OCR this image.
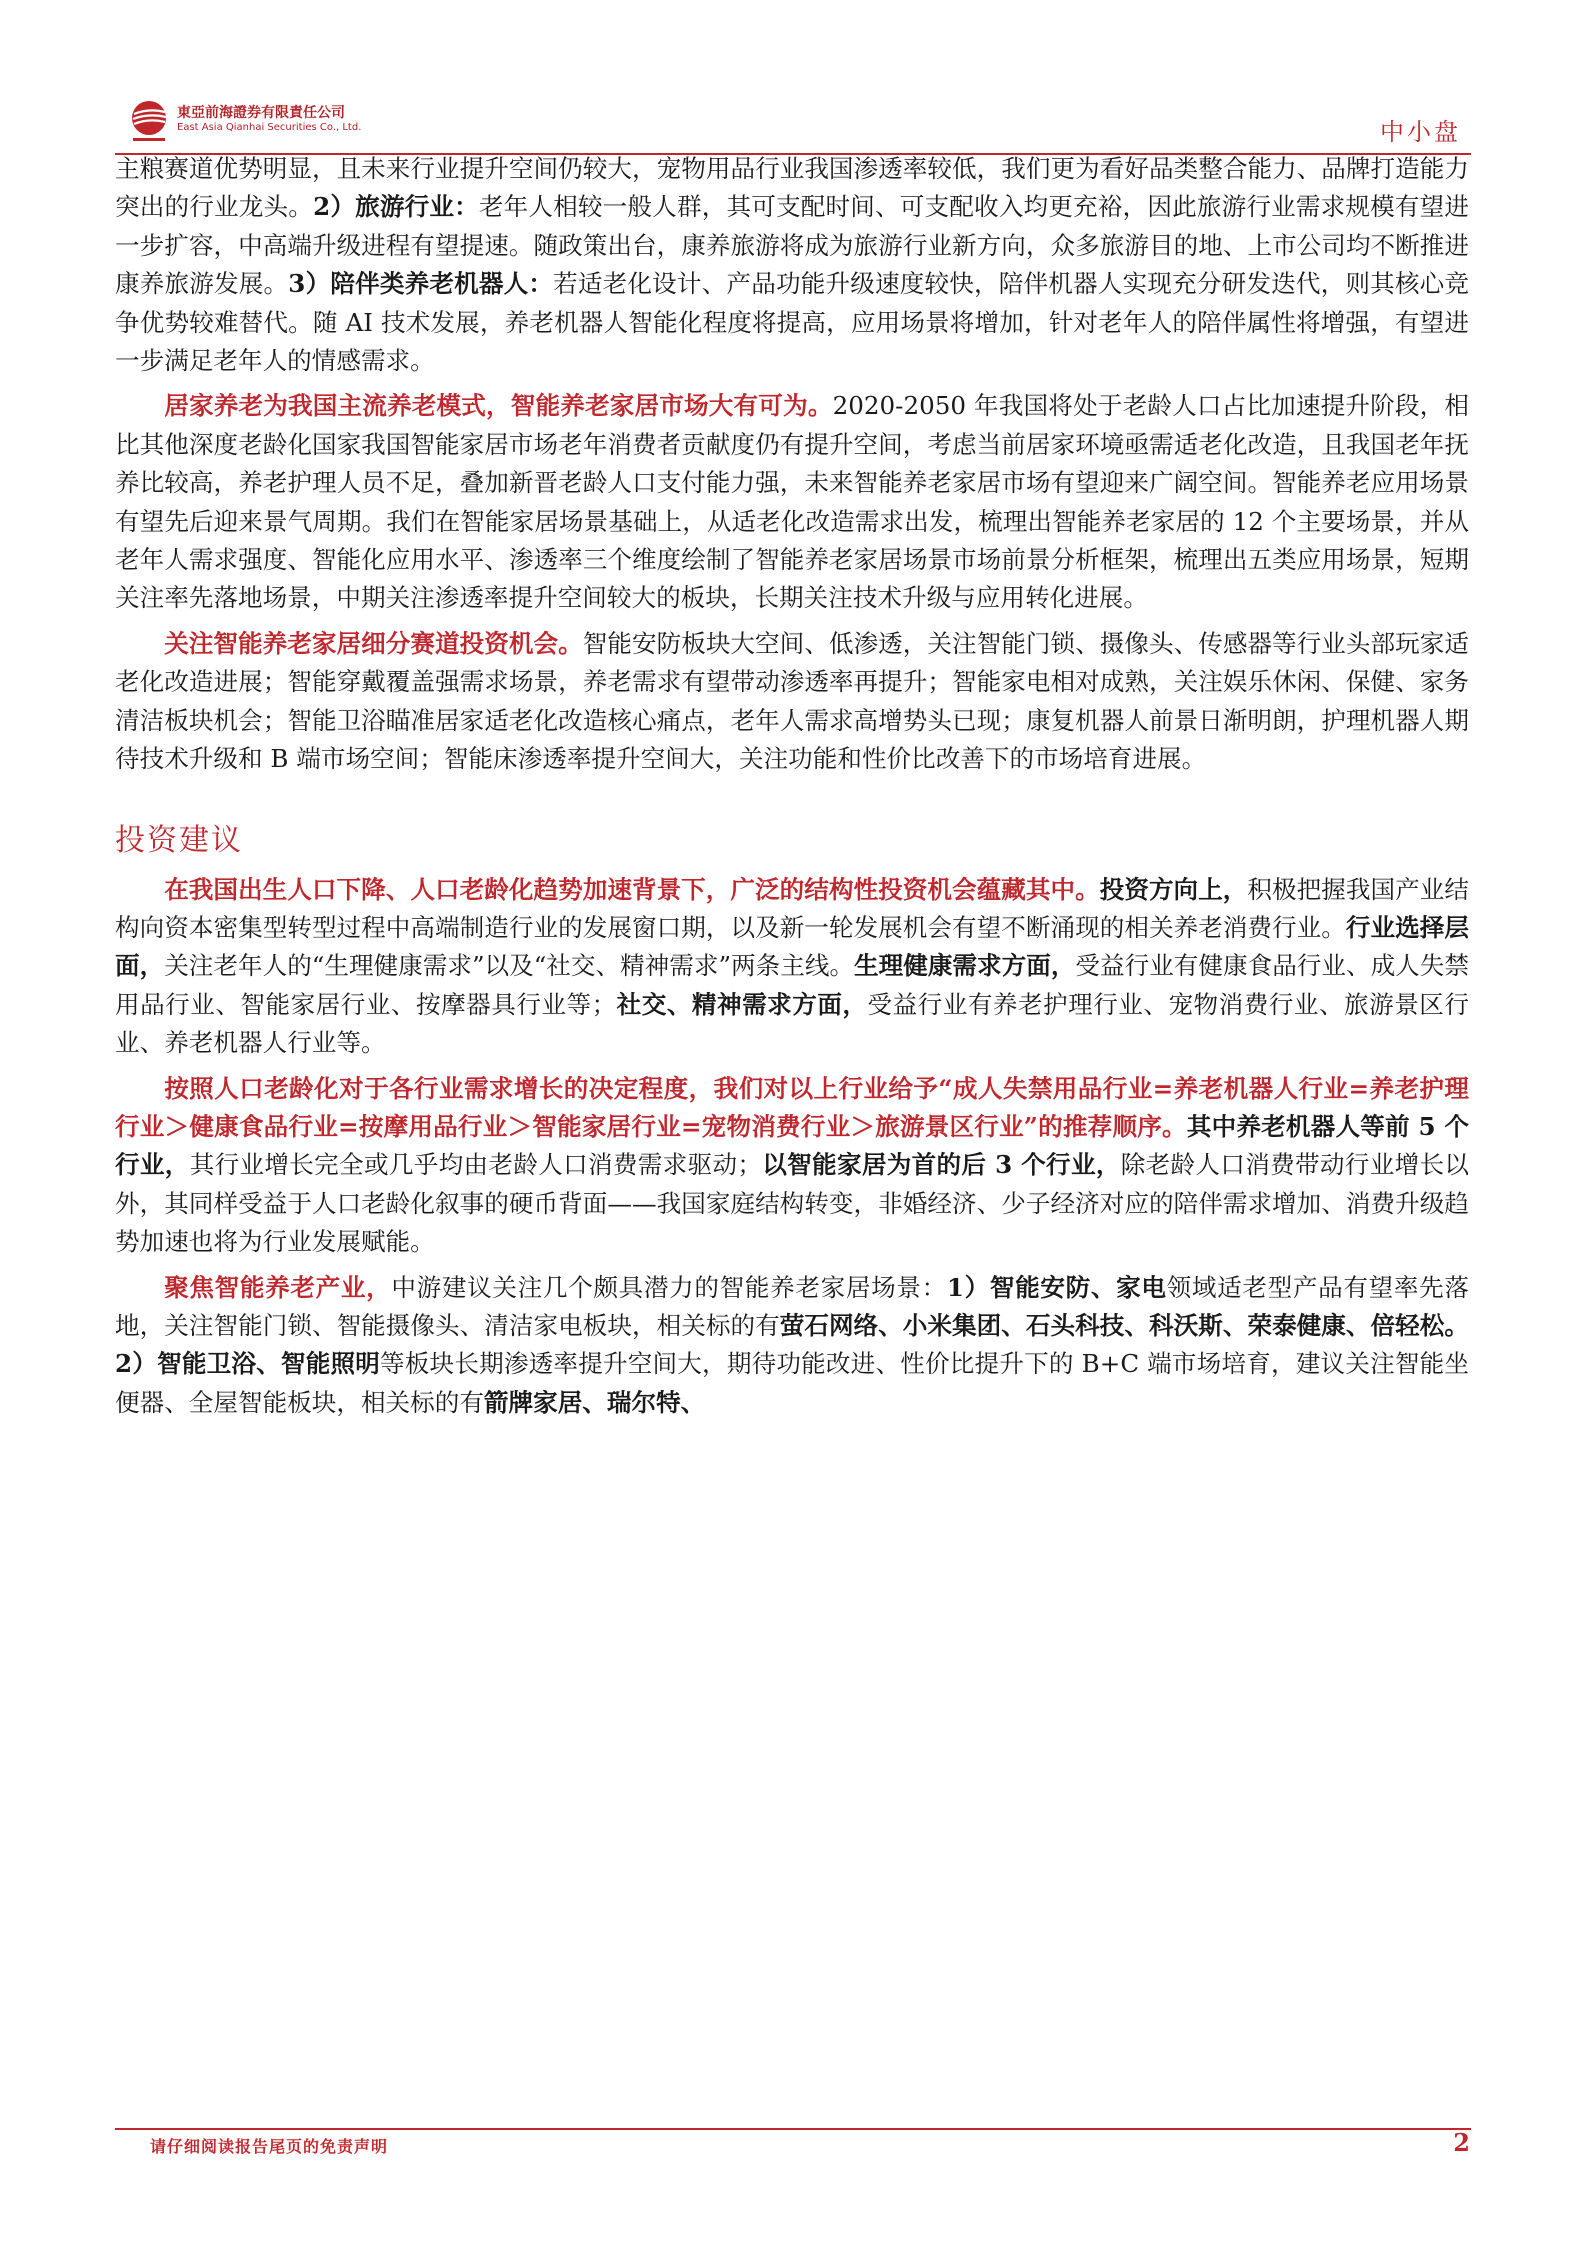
東亞前海證券有限責任公司
East Asia Qianhai Securities Co., Ltd.	中小盘

主粮赛道优势明显，且未来行业提升空间仍较大，宠物用品行业我国渗透率较低，我们更为看好品类整合能力、品牌打造能力突出的行业龙头。2）旅游行业：老年人相较一般人群，其可支配时间、可支配收入均更充裕，因此旅游行业需求规模有望进一步扩容，中高端升级进程有望提速。随政策出台，康养旅游将成为旅游行业新方向，众多旅游目的地、上市公司均不断推进康养旅游发展。3）陪伴类养老机器人：若适老化设计、产品功能升级速度较快，陪伴机器人实现充分研发迭代，则其核心竞争优势较难替代。随 AI 技术发展，养老机器人智能化程度将提高，应用场景将增加，针对老年人的陪伴属性将增强，有望进一步满足老年人的情感需求。

居家养老为我国主流养老模式，智能养老家居市场大有可为。2020-2050 年我国将处于老龄人口占比加速提升阶段，相比其他深度老龄化国家我国智能家居市场老年消费者贡献度仍有提升空间，考虑当前居家环境亟需适老化改造，且我国老年抚养比较高，养老护理人员不足，叠加新晋老龄人口支付能力强，未来智能养老家居市场有望迎来广阔空间。智能养老应用场景有望先后迎来景气周期。我们在智能家居场景基础上，从适老化改造需求出发，梳理出智能养老家居的 12 个主要场景，并从老年人需求强度、智能化应用水平、渗透率三个维度绘制了智能养老家居场景市场前景分析框架，梳理出五类应用场景，短期关注率先落地场景，中期关注渗透率提升空间较大的板块，长期关注技术升级与应用转化进展。

关注智能养老家居细分赛道投资机会。智能安防板块大空间、低渗透，关注智能门锁、摄像头、传感器等行业头部玩家适老化改造进展；智能穿戴覆盖强需求场景，养老需求有望带动渗透率再提升；智能家电相对成熟，关注娱乐休闲、保健、家务清洁板块机会；智能卫浴瞄准居家适老化改造核心痛点，老年人需求高增势头已现；康复机器人前景日渐明朗，护理机器人期待技术升级和 B 端市场空间；智能床渗透率提升空间大，关注功能和性价比改善下的市场培育进展。

投资建议

在我国出生人口下降、人口老龄化趋势加速背景下，广泛的结构性投资机会蕴藏其中。投资方向上，积极把握我国产业结构向资本密集型转型过程中高端制造行业的发展窗口期，以及新一轮发展机会有望不断涌现的相关养老消费行业。行业选择层面，关注老年人的“生理健康需求”以及“社交、精神需求”两条主线。生理健康需求方面，受益行业有健康食品行业、成人失禁用品行业、智能家居行业、按摩器具行业等；社交、精神需求方面，受益行业有养老护理行业、宠物消费行业、旅游景区行业、养老机器人行业等。

按照人口老龄化对于各行业需求增长的决定程度，我们对以上行业给予“成人失禁用品行业=养老机器人行业=养老护理行业＞健康食品行业=按摩用品行业＞智能家居行业=宠物消费行业＞旅游景区行业”的推荐顺序。其中养老机器人等前 5 个行业，其行业增长完全或几乎均由老龄人口消费需求驱动；以智能家居为首的后 3 个行业，除老龄人口消费带动行业增长以外，其同样受益于人口老龄化叙事的硬币背面——我国家庭结构转变，非婚经济、少子经济对应的陪伴需求增加、消费升级趋势加速也将为行业发展赋能。

聚焦智能养老产业，中游建议关注几个颇具潜力的智能养老家居场景：1）智能安防、家电领域适老型产品有望率先落地，关注智能门锁、智能摄像头、清洁家电板块，相关标的有萤石网络、小米集团、石头科技、科沃斯、荣泰健康、倍轻松。2）智能卫浴、智能照明等板块长期渗透率提升空间大，期待功能改进、性价比提升下的 B+C 端市场培育，建议关注智能坐便器、全屋智能板块，相关标的有箭牌家居、瑞尔特、

请仔细阅读报告尾页的免责声明	2
